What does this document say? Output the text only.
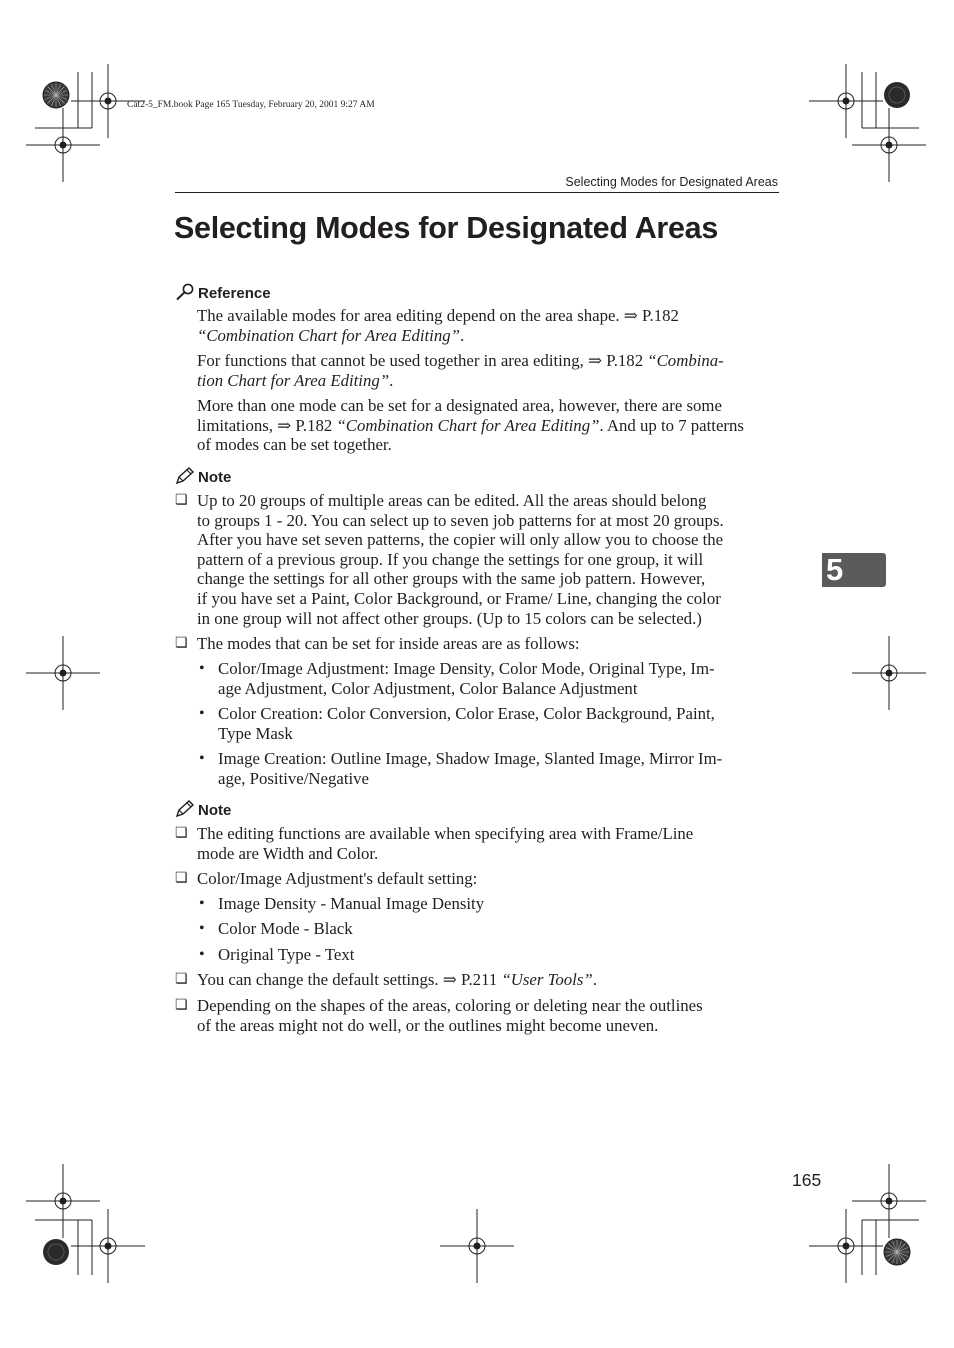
Cat2-5_FM.book Page 165 Tuesday, February 20, 2001 9:27 AM
Selecting Modes for Designated Areas
Selecting Modes for Designated Areas
5
Reference
The available modes for area editing depend on the area shape. ⇒ P.182
“Combination Chart for Area Editing”.
For functions that cannot be used together in area editing, ⇒ P.182 “Combina-
tion Chart for Area Editing”.
More than one mode can be set for a designated area, however, there are some
limitations, ⇒ P.182 “Combination Chart for Area Editing”. And up to 7 patterns
of modes can be set together.
Note
❏ Up to 20 groups of multiple areas can be edited. All the areas should belong
to groups 1 - 20. You can select up to seven job patterns for at most 20 groups.
After you have set seven patterns, the copier will only allow you to choose the
pattern of a previous group. If you change the settings for one group, it will
change the settings for all other groups with the same job pattern. However,
if you have set a Paint, Color Background, or Frame/ Line, changing the color
in one group will not affect other groups. (Up to 15 colors can be selected.)
❏ The modes that can be set for inside areas are as follows:
• Color/Image Adjustment: Image Density, Color Mode, Original Type, Im-
age Adjustment, Color Adjustment, Color Balance Adjustment
• Color Creation: Color Conversion, Color Erase, Color Background, Paint,
Type Mask
• Image Creation: Outline Image, Shadow Image, Slanted Image, Mirror Im-
age, Positive/Negative
Note
❏ The editing functions are available when specifying area with Frame/Line
mode are Width and Color.
❏ Color/Image Adjustment's default setting:
• Image Density - Manual Image Density
• Color Mode - Black
• Original Type - Text
❏ You can change the default settings. ⇒ P.211 “User Tools”.
❏ Depending on the shapes of the areas, coloring or deleting near the outlines
of the areas might not do well, or the outlines might become uneven.
165
